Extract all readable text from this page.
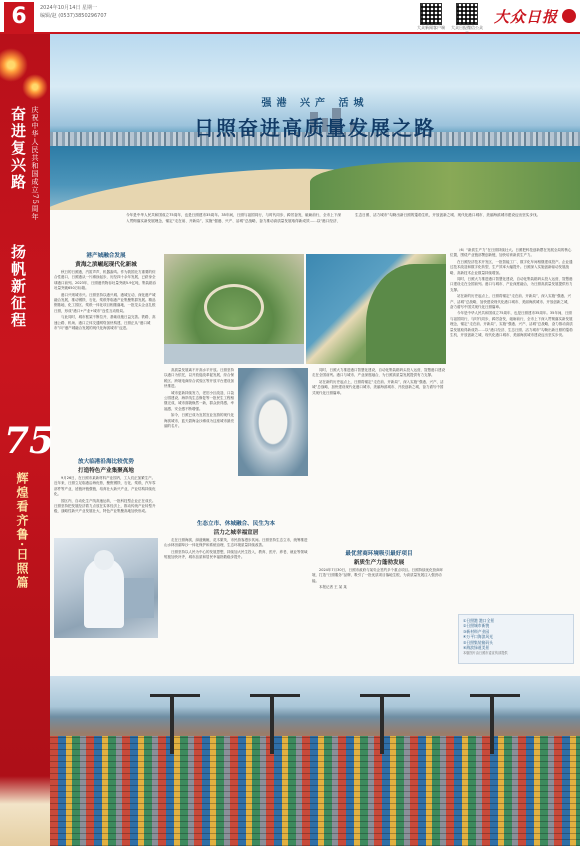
6	2024年10月14日 星期一
编辑/赵 (0537)3850296707
大众新闻客户端	大众日报微信公众
大众日报
奋进复兴路
扬帆新征程
庆祝中华人民共和国成立75周年
75
辉煌看齐鲁·日照篇
强港 兴产 活城
日照奋进高质量发展之路
今年是中华人民共和国成立75周年，也是日照建市35周年。35年间，日照与祖国同行，与时代同步，踔厉奋发，砥砺前行，全市上下深入贯彻落实新发展理念，锚定“走在前、开新局”，实施“强港、兴产、活城”总战略，奋力推动高质量发展取得新成效……以“港口经济、生态日照、活力城市”勾勒出新日照的蓬勃生机，开放创新之城、现代化港口城市、美丽海滨城市建设迈出坚实步伐。
港产城融合发展
黄海之滨崛起现代化新城
秋日的日照港，汽笛声声，机器轰鸣。作为我国北方重要的综合性港口，日照港从一片滩涂起步，历经四十余年发展，已跻身全球港口前列。2023年，日照港货物吞吐量突破5.9亿吨，集装箱吞吐量突破650万标箱。
港口兴则城市兴。日照坚持以港兴城、港城互动，深化港产城融合发展，推动钢铁、石化、浆纸等临港产业集聚集群发展。精品钢基地、化工园区、浆纸一体化项目相继落地，一批龙头企业扎根日照，形成“港口+产业+城市”良性互动格局。
与此同时，城市框架不断拉开，基础设施日益完善。铁路、高速公路、机场、港口立体交通网络加快构建，日照正从“港口城市”向“港产城融合发展的现代化海滨城市”迈进。
放大临港沿海比较优势
打造特色产业集聚高地
9月26日，在日照市某新材料产业园内，工人们正加紧生产。近年来，日照立足临港沿海优势，聚焦钢铁、石化、浆纸、汽车零部件等产业，延链补链强链，培育壮大新兴产业，产业结构持续优化。
园区内，自动化生产线高速运转，一批科技型企业正在成长。日照坚持把发展经济着力点放在实体经济上，推动传统产业转型升级，战略性新兴产业发展壮大，特色产业集聚高地加快形成。
高质量发展离不开高水平开放。日照坚持以港口为依托，以开放促改革促发展，综合保税区、跨境电商综合试验区等开放平台建设加快推进。
城市更新持续发力，老旧小区改造、口袋公园建设、海岸线生态修复等一批民生工程相继完成，城市面貌焕然一新，群众获得感、幸福感、安全感不断增强。
如今，日照已成为宜居宜业宜游的现代化海滨城市，蓝天碧海金沙滩成为这座城市最亮丽的名片。
生态立市、休城融合、民生为本
活力之城幸福宣居
走在日照海滨，绿道蜿蜒，花木繁茂，市民游客漫步其间。日照坚持生态立市，统筹推进山水林田湖草沙一体化保护和系统治理，生态环境质量持续改善。
日照坚持以人民为中心的发展思想，持续加大民生投入，教育、医疗、养老、就业等领域短板加快补齐，城市品质和居民幸福指数稳步提升。
同时，日照大力推进港口智慧化建设，自动化集装箱码头投入运营，智慧港口建设走在全国前列。港口与城市、产业深度融合，为日照高质量发展提供有力支撑。
站在新的历史起点上，日照将锚定“走在前、开新局”，深入实施“强港、兴产、活城”总战略，加快建设现代化港口城市、美丽海滨城市、开放创新之城，奋力谱写中国式现代化日照篇章。
最优营商环境吸引最好项目
新质生产力蓬勃发展
2024年7月30日，日照市政府与某央企签约多个重点项目。日照持续优化营商环境，打造“日照服务”品牌，吸引了一批优质项目落地生根，为高质量发展注入强劲动能。
本报记者 王 某 某
（6）“新质生产力”在日照持续壮大。日照把科技创新摆在发展全局的核心位置，围绕产业链部署创新链，加快培育新质生产力。
在日照经济技术开发区，一批智能工厂、数字化车间相继建成投产。企业通过技术改造和数字化转型，生产效率大幅提升。日照深入实施创新驱动发展战略，高新技术企业数量持续增加。
同时，日照大力推进港口智慧化建设，自动化集装箱码头投入运营，智慧港口建设走在全国前列。港口与城市、产业深度融合，为日照高质量发展提供有力支撑。
站在新的历史起点上，日照将锚定“走在前、开新局”，深入实施“强港、兴产、活城”总战略，加快建设现代化港口城市、美丽海滨城市、开放创新之城，奋力谱写中国式现代化日照篇章。
今年是中华人民共和国成立75周年，也是日照建市35周年。35年间，日照与祖国同行，与时代同步，踔厉奋发，砥砺前行，全市上下深入贯彻落实新发展理念，锚定“走在前、开新局”，实施“强港、兴产、活城”总战略，奋力推动高质量发展取得新成效……以“港口经济、生态日照、活力城市”勾勒出新日照的蓬勃生机，开放创新之城、现代化港口城市、美丽海滨城市建设迈出坚实步伐。
①日照港 港口全景
②日照城市新貌
③新材料产业园
④万平口海滨风光
⑤日照集装箱码头
⑥海滨绿道美景
本版图片由日照市委宣传部提供
